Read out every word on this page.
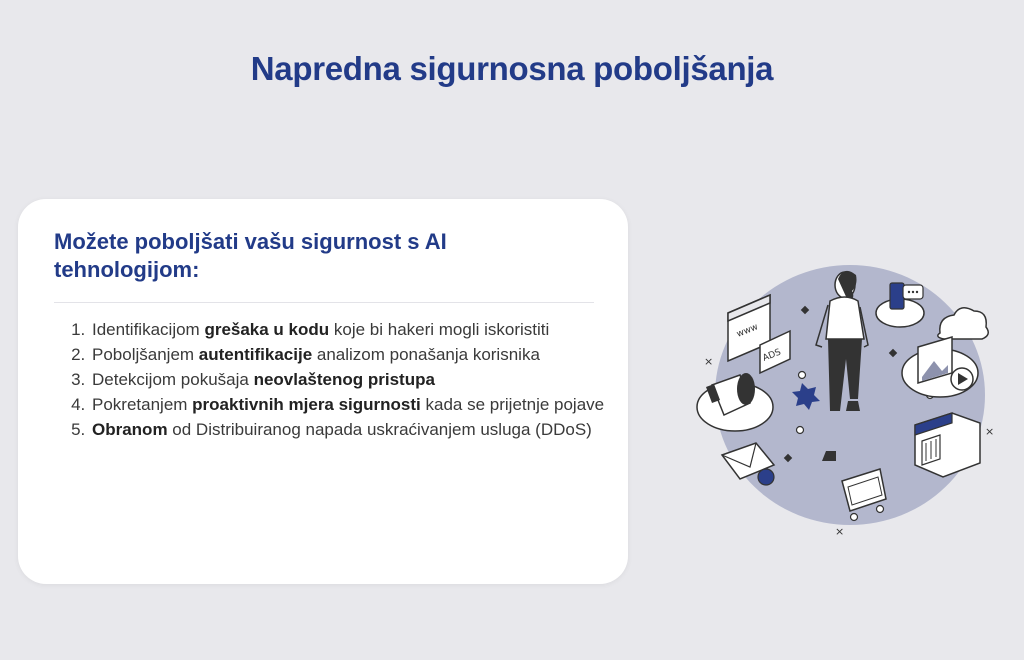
Napredna sigurnosna poboljšanja
Možete poboljšati vašu sigurnost s AI tehnologijom:
1. Identifikacijom grešaka u kodu koje bi hakeri mogli iskoristiti
2. Poboljšanjem autentifikacije analizom ponašanja korisnika
3. Detekcijom pokušaja neovlaštenog pristupa
4. Pokretanjem proaktivnih mjera sigurnosti kada se prijetnje pojave
5. Obranom od Distribuiranog napada uskraćivanjem usluga (DDoS)
×
×
×
www
ADS
